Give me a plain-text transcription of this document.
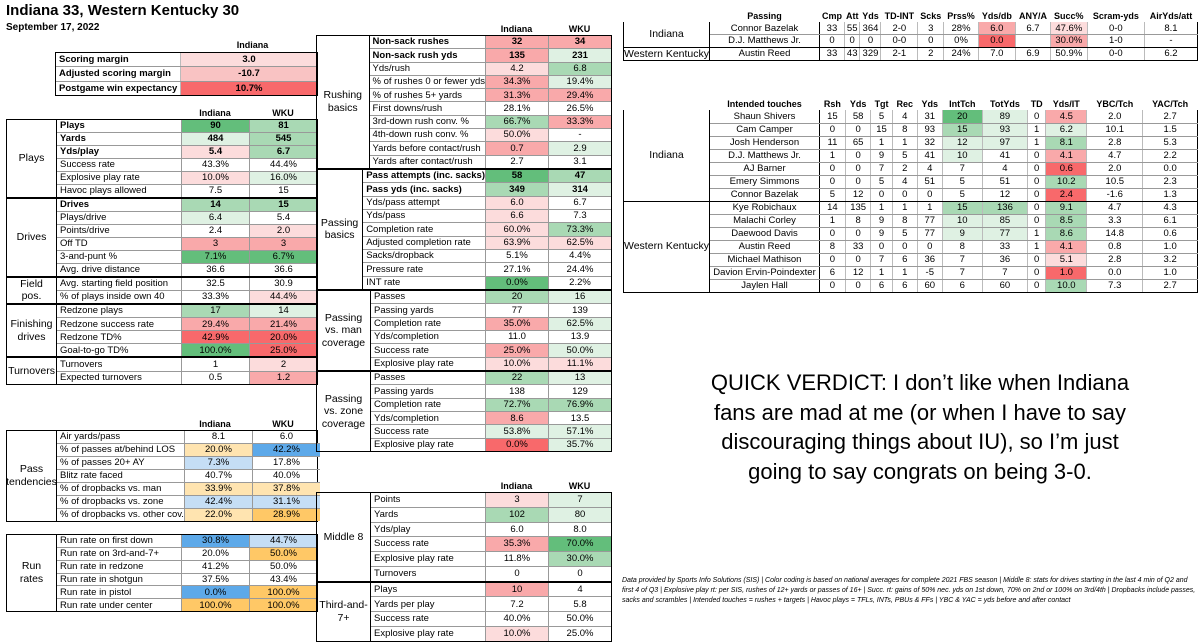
Indiana 33, Western Kentucky 30
September 17, 2022
Indiana
Scoring margin	3.0
Adjusted scoring margin	-10.7
Postgame win expectancy	10.7%
Indiana	WKU
Plays
Plays	90	81
Yards	484	545
Yds/play	5.4	6.7
Success rate	43.3%	44.4%
Explosive play rate	10.0%	16.0%
Havoc plays allowed	7.5	15
Drives
Drives	14	15
Plays/drive	6.4	5.4
Points/drive	2.4	2.0
Off TD	3	3
3-and-punt %	7.1%	6.7%
Avg. drive distance	36.6	36.6
Field pos.
Avg. starting field position	32.5	30.9
% of plays inside own 40	33.3%	44.4%
Finishing drives
Redzone plays	17	14
Redzone success rate	29.4%	21.4%
Redzone TD%	42.9%	20.0%
Goal-to-go TD%	100.0%	25.0%
Turnovers
Turnovers	1	2
Expected turnovers	0.5	1.2
Indiana	WKU
Pass tendencies
Air yards/pass	8.1	6.0
% of passes at/behind LOS	20.0%	42.2%
% of passes 20+ AY	7.3%	17.8%
Blitz rate faced	40.7%	40.0%
% of dropbacks vs. man	33.9%	37.8%
% of dropbacks vs. zone	42.4%	31.1%
% of dropbacks vs. other cov.	22.0%	28.9%
Run rates
Run rate on first down	30.8%	44.7%
Run rate on 3rd-and-7+	20.0%	50.0%
Run rate in redzone	41.2%	50.0%
Run rate in shotgun	37.5%	43.4%
Run rate in pistol	0.0%	100.0%
Run rate under center	100.0%	100.0%
Indiana	WKU
Rushing basics
Non-sack rushes	32	34
Non-sack rush yds	135	231
Yds/rush	4.2	6.8
% of rushes 0 or fewer yds	34.3%	19.4%
% of rushes 5+ yards	31.3%	29.4%
First downs/rush	28.1%	26.5%
3rd-down rush conv. %	66.7%	33.3%
4th-down rush conv. %	50.0%	-
Yards before contact/rush	0.7	2.9
Yards after contact/rush	2.7	3.1
Passing basics
Pass attempts (inc. sacks)	58	47
Pass yds (inc. sacks)	349	314
Yds/pass attempt	6.0	6.7
Yds/pass	6.6	7.3
Completion rate	60.0%	73.3%
Adjusted completion rate	63.9%	62.5%
Sacks/dropback	5.1%	4.4%
Pressure rate	27.1%	24.4%
INT rate	0.0%	2.2%
Passing vs. man coverage
Passes	20	16
Passing yards	77	139
Completion rate	35.0%	62.5%
Yds/completion	11.0	13.9
Success rate	25.0%	50.0%
Explosive play rate	10.0%	11.1%
Passing vs. zone coverage
Passes	22	13
Passing yards	138	129
Completion rate	72.7%	76.9%
Yds/completion	8.6	13.5
Success rate	53.8%	57.1%
Explosive play rate	0.0%	35.7%
Indiana	WKU
Middle 8
Points	3	7
Yards	102	80
Yds/play	6.0	8.0
Success rate	35.3%	70.0%
Explosive play rate	11.8%	30.0%
Turnovers	0	0
Third-and-7+
Plays	10	4
Yards per play	7.2	5.8
Success rate	40.0%	50.0%
Explosive play rate	10.0%	25.0%
	Passing	Cmp	Att	Yds	TD-INT	Scks	Prss%	Yds/db	ANY/A	Succ%	Scram-yds	AirYds/att
Indiana	Connor Bazelak	33	55	364	2-0	3	28%	6.0	6.7	47.6%	0-0	8.1
	D.J. Matthews Jr.	0	0	0	0-0	0	0%	0.0		30.0%	1-0	-
Western Kentucky	Austin Reed	33	43	329	2-1	2	24%	7.0	6.9	50.9%	0-0	6.2
	Intended touches	Rsh	Yds	Tgt	Rec	Yds	IntTch	TotYds	TD	Yds/IT	YBC/Tch	YAC/Tch
Indiana	Shaun Shivers	15	58	5	4	31	20	89	0	4.5	2.0	2.7
	Cam Camper	0	0	15	8	93	15	93	1	6.2	10.1	1.5
	Josh Henderson	11	65	1	1	32	12	97	1	8.1	2.8	5.3
	D.J. Matthews Jr.	1	0	9	5	41	10	41	0	4.1	4.7	2.2
	AJ Barner	0	0	7	2	4	7	4	0	0.6	2.0	0.0
	Emery Simmons	0	0	5	4	51	5	51	0	10.2	10.5	2.3
	Connor Bazelak	5	12	0	0	0	5	12	0	2.4	-1.6	1.3
Western Kentucky	Kye Robichaux	14	135	1	1	1	15	136	0	9.1	4.7	4.3
	Malachi Corley	1	8	9	8	77	10	85	0	8.5	3.3	6.1
	Daewood Davis	0	0	9	5	77	9	77	1	8.6	14.8	0.6
	Austin Reed	8	33	0	0	0	8	33	1	4.1	0.8	1.0
	Michael Mathison	0	0	7	6	36	7	36	0	5.1	2.8	3.2
	Davion Ervin-Poindexter	6	12	1	1	-5	7	7	0	1.0	0.0	1.0
	Jaylen Hall	0	0	6	6	60	6	60	0	10.0	7.3	2.7
QUICK VERDICT: I don’t like when Indiana fans are mad at me (or when I have to say discouraging things about IU), so I’m just going to say congrats on being 3-0.
Data provided by Sports Info Solutions (SIS) | Color coding is based on national averages for complete 2021 FBS season | Middle 8: stats for drives starting in the last 4 min of Q2 and first 4 of Q3 | Explosive play rt: per SIS, rushes of 12+ yards or passes of 16+ | Succ. rt: gains of 50% nec. yds on 1st down, 70% on 2nd or 100% on 3rd/4th | Dropbacks include passes, sacks and scrambles | Intended touches = rushes + targets | Havoc plays = TFLs, INTs, PBUs & FFs | YBC & YAC = yds before and after contact
